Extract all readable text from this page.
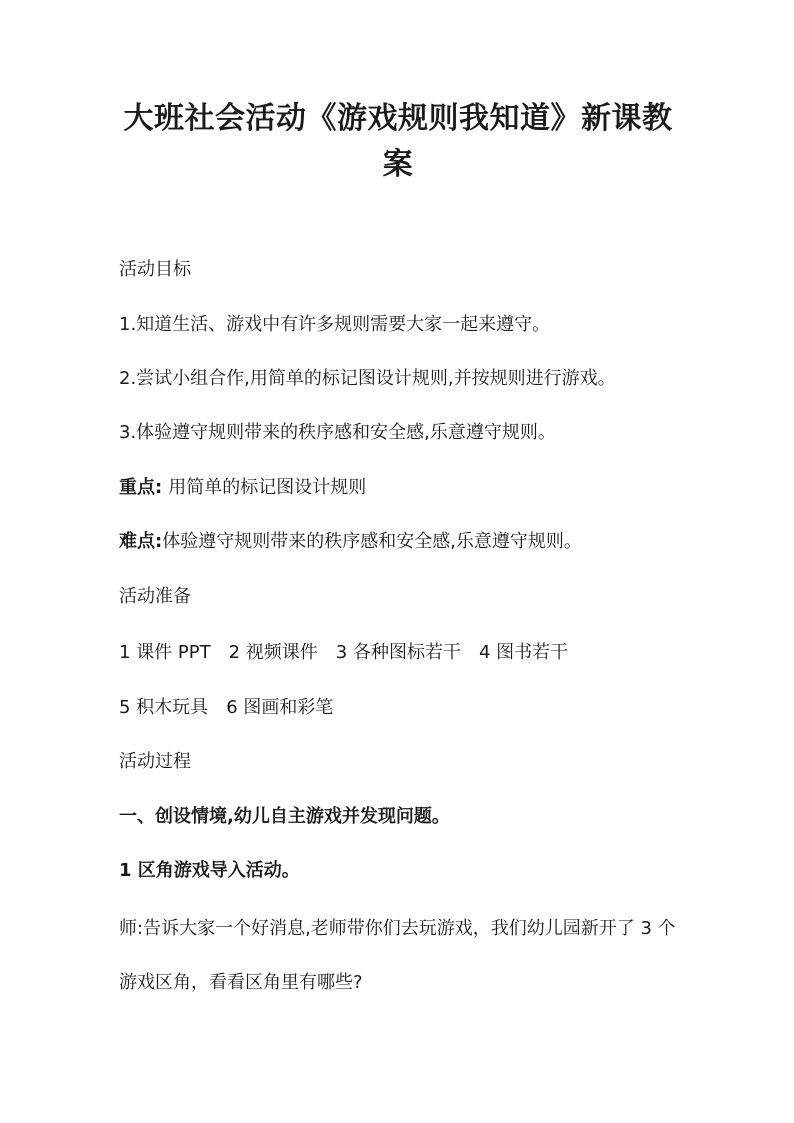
大班社会活动《游戏规则我知道》新课教案
活动目标
1.知道生活、游戏中有许多规则需要大家一起来遵守。
2.尝试小组合作,用简单的标记图设计规则,并按规则进行游戏。
3.体验遵守规则带来的秩序感和安全感,乐意遵守规则。
重点: 用简单的标记图设计规则
难点:体验遵守规则带来的秩序感和安全感,乐意遵守规则。
活动准备
1 课件 PPT 2 视频课件 3 各种图标若干 4 图书若干
5 积木玩具 6 图画和彩笔
活动过程
一、创设情境,幼儿自主游戏并发现问题。
1 区角游戏导入活动。
师:告诉大家一个好消息,老师带你们去玩游戏，我们幼儿园新开了 3 个游戏区角，看看区角里有哪些?
